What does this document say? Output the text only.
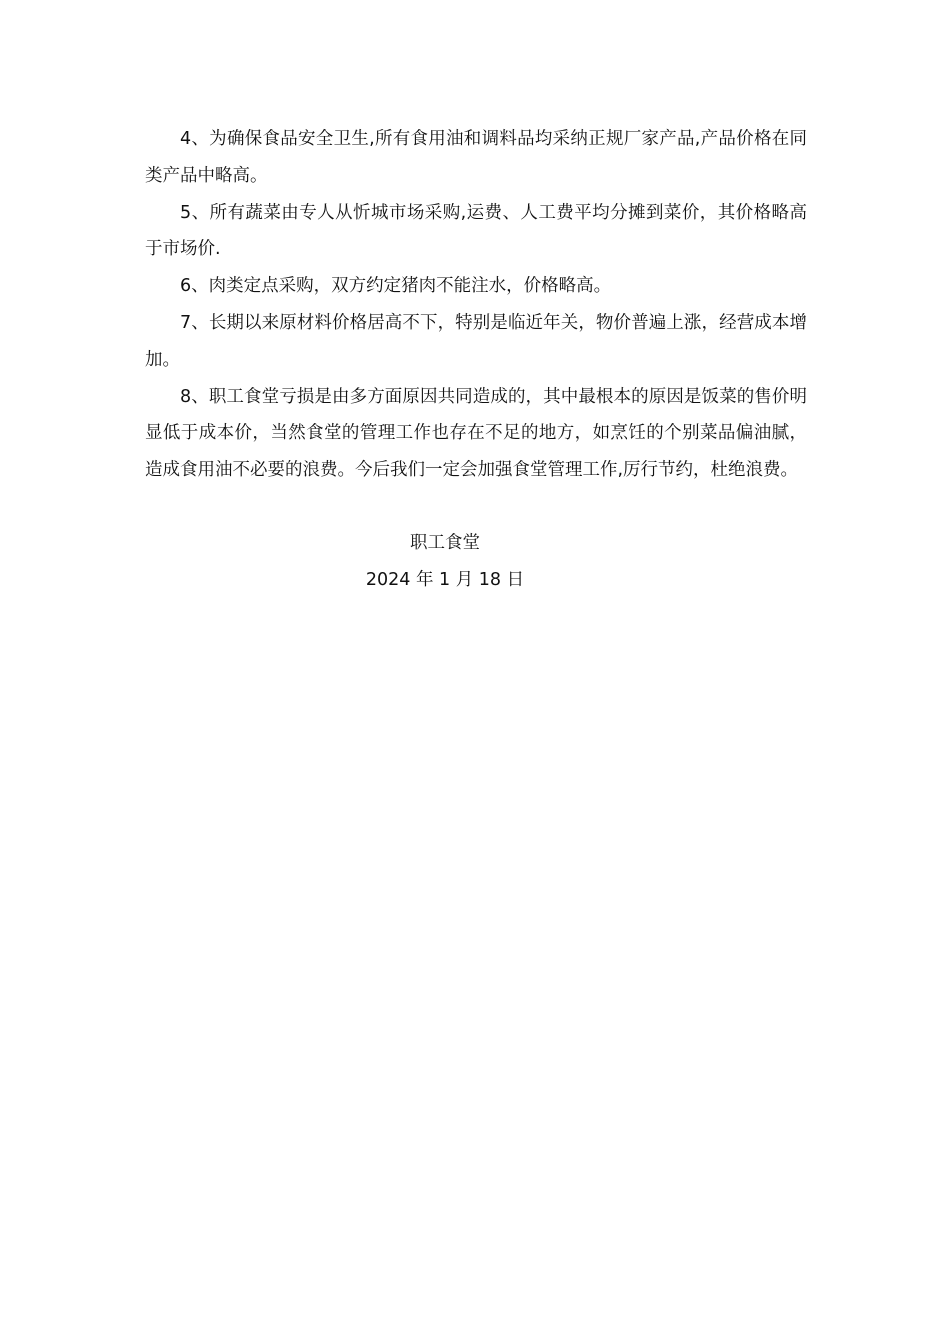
4、为确保食品安全卫生,所有食用油和调料品均采纳正规厂家产品,产品价格在同类产品中略高。

5、所有蔬菜由专人从忻城市场采购,运费、人工费平均分摊到菜价，其价格略高于市场价.

6、肉类定点采购，双方约定猪肉不能注水，价格略高。

7、长期以来原材料价格居高不下，特别是临近年关，物价普遍上涨，经营成本增加。

8、职工食堂亏损是由多方面原因共同造成的，其中最根本的原因是饭菜的售价明显低于成本价，当然食堂的管理工作也存在不足的地方，如烹饪的个别菜品偏油腻，造成食用油不必要的浪费。今后我们一定会加强食堂管理工作,厉行节约，杜绝浪费。

职工食堂

2024 年 1 月 18 日
